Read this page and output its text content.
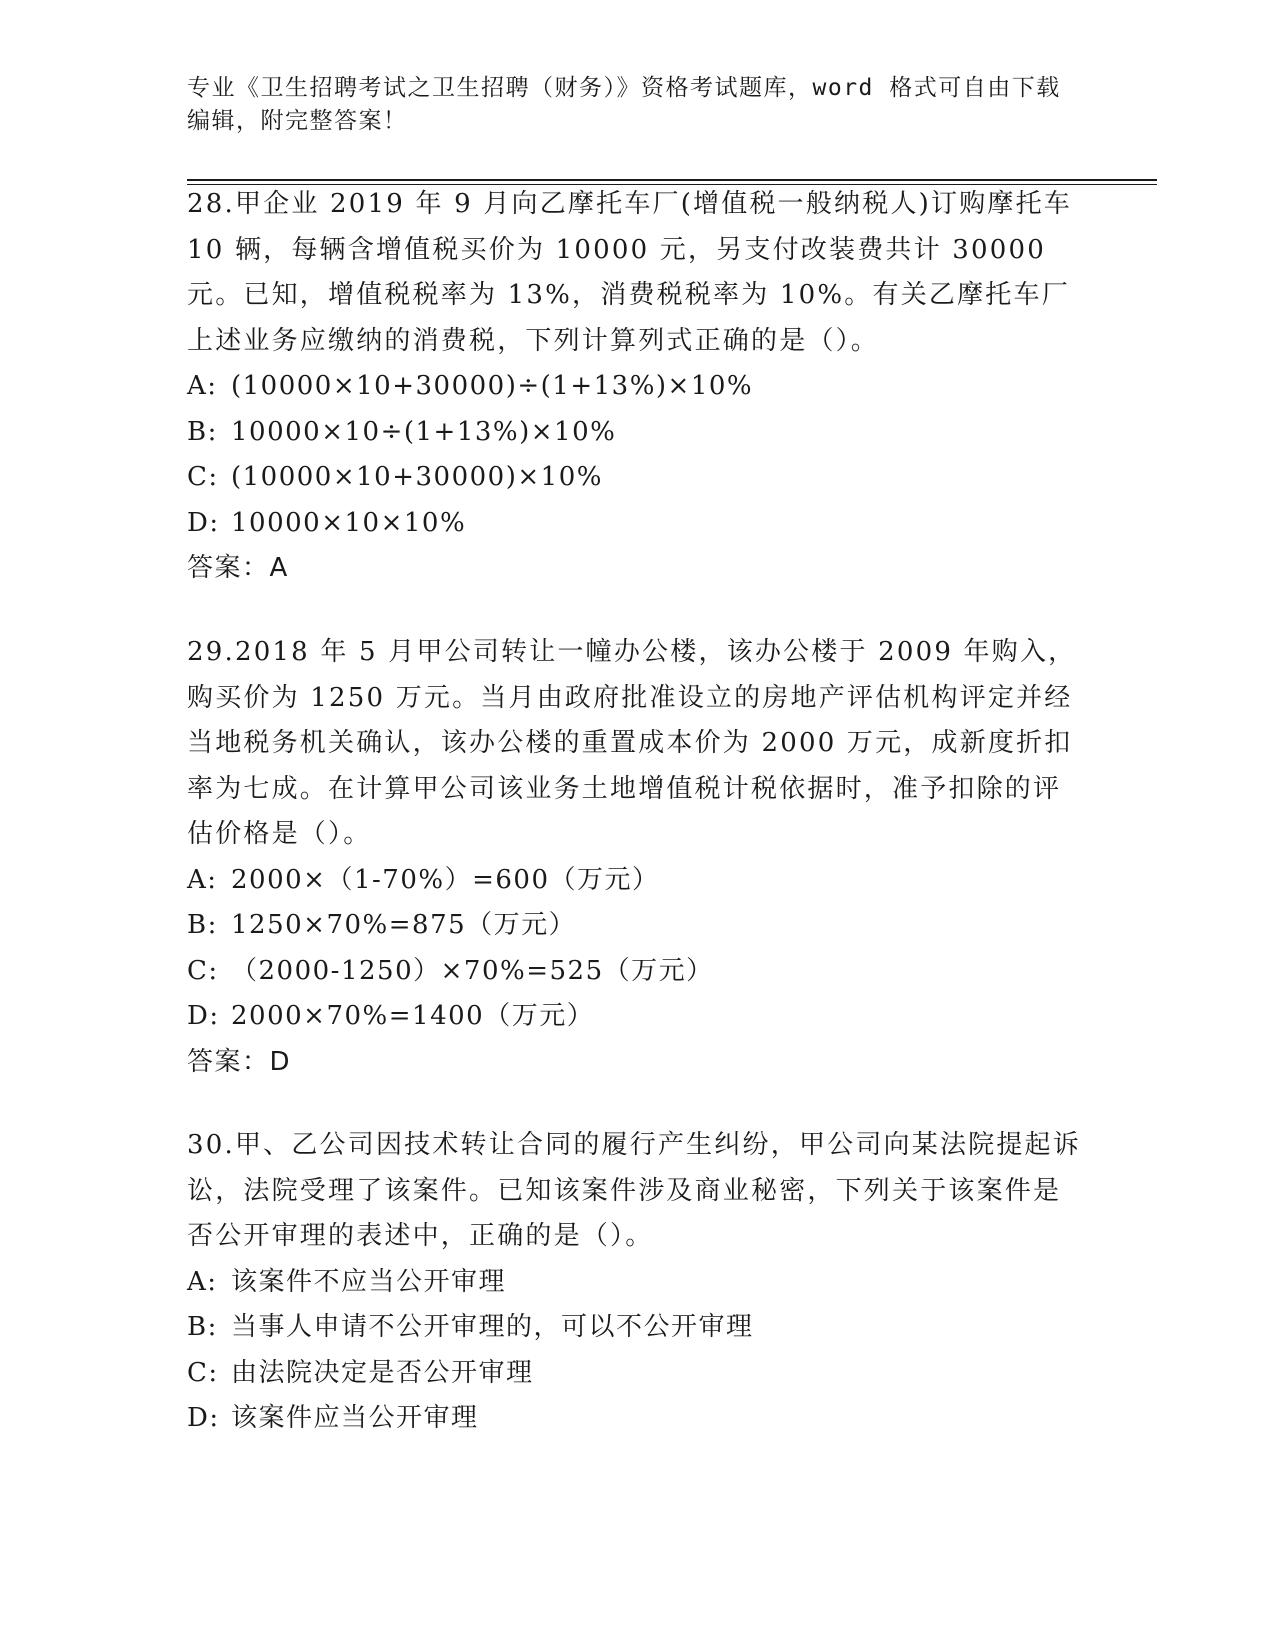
专业《卫生招聘考试之卫生招聘（财务）》资格考试题库，word 格式可自由下载编辑，附完整答案！

28.甲企业 2019 年 9 月向乙摩托车厂(增值税一般纳税人)订购摩托车 10 辆，每辆含增值税买价为 10000 元，另支付改装费共计 30000 元。已知，增值税税率为 13%，消费税税率为 10%。有关乙摩托车厂上述业务应缴纳的消费税，下列计算列式正确的是（）。

A: (10000×10+30000)÷(1+13%)×10%

B: 10000×10÷(1+13%)×10%

C: (10000×10+30000)×10%

D: 10000×10×10%

答案：A

29.2018 年 5 月甲公司转让一幢办公楼，该办公楼于 2009 年购入，购买价为 1250 万元。当月由政府批准设立的房地产评估机构评定并经当地税务机关确认，该办公楼的重置成本价为 2000 万元，成新度折扣率为七成。在计算甲公司该业务土地增值税计税依据时，准予扣除的评估价格是（）。

A: 2000×（1-70%）=600（万元）

B: 1250×70%=875（万元）

C: （2000-1250）×70%=525（万元）

D: 2000×70%=1400（万元）

答案：D

30.甲、乙公司因技术转让合同的履行产生纠纷，甲公司向某法院提起诉讼，法院受理了该案件。已知该案件涉及商业秘密，下列关于该案件是否公开审理的表述中，正确的是（）。

A: 该案件不应当公开审理

B: 当事人申请不公开审理的，可以不公开审理

C: 由法院决定是否公开审理

D: 该案件应当公开审理
